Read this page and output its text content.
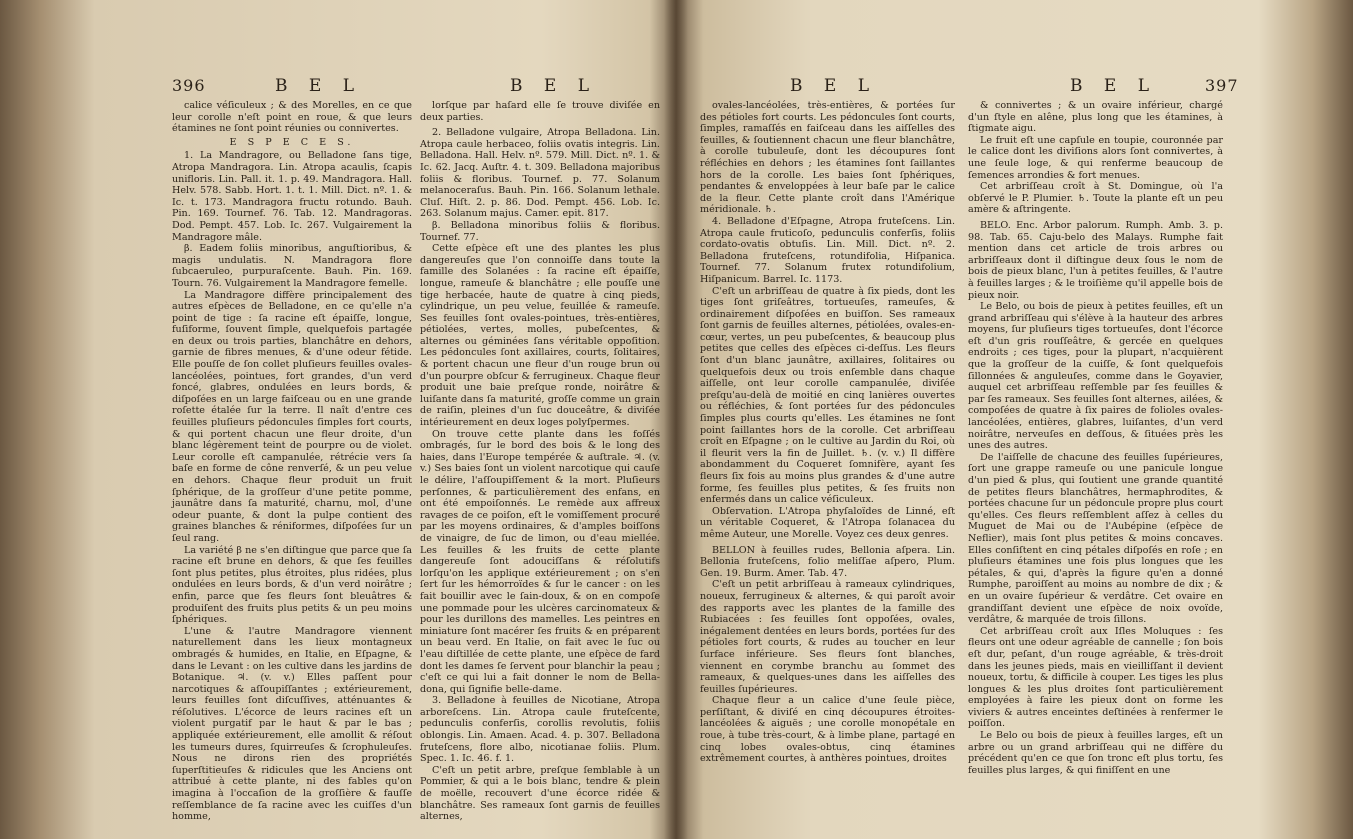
396	B E L	B E L

calice véſiculeux ; & des Morelles, en ce que leur corolle n'eſt point en roue, & que leurs étamines ne ſont point réunies ou connivertes.

E S P E C E S.

1. La Mandragore, ou Belladone ſans tige, Atropa Mandragora. Lin. Atropa acaulis, ſcapis unifloris. Lin. Pall. it. 1. p. 49. Mandragora. Hall. Helv. 578. Sabb. Hort. 1. t. 1. Mill. Dict. nº. 1. & Ic. t. 173. Mandragora fructu rotundo. Bauh. Pin. 169. Tournef. 76. Tab. 12. Mandragoras. Dod. Pempt. 457. Lob. Ic. 267. Vulgairement la Mandragore mâle.

β. Eadem foliis minoribus, anguſtioribus, & magis undulatis. N. Mandragora flore ſubcaeruleo, purpuraſcente. Bauh. Pin. 169. Tourn. 76. Vulgairement la Mandragore femelle.

La Mandragore diffère principalement des autres eſpèces de Belladone, en ce qu'elle n'a point de tige : ſa racine eſt épaiſſe, longue, fuſiforme, ſouvent ſimple, quelquefois partagée en deux ou trois parties, blanchâtre en dehors, garnie de fibres menues, & d'une odeur fétide. Elle pouſſe de ſon collet pluſieurs feuilles ovales-lancéolées, pointues, fort grandes, d'un verd foncé, glabres, ondulées en leurs bords, & diſpoſées en un large faiſceau ou en une grande roſette étalée ſur la terre. Il naît d'entre ces feuilles pluſieurs pédoncules ſimples fort courts, & qui portent chacun une fleur droite, d'un blanc légèrement teint de pourpre ou de violet. Leur corolle eſt campanulée, rétrécie vers ſa baſe en forme de cône renverſé, & un peu velue en dehors. Chaque fleur produit un fruit ſphérique, de la groſſeur d'une petite pomme, jaunâtre dans ſa maturité, charnu, mol, d'une odeur puante, & dont la pulpe contient des graines blanches & réniformes, diſpoſées ſur un ſeul rang.

La variété β ne s'en diſtingue que parce que ſa racine eſt brune en dehors, & que ſes feuilles ſont plus petites, plus étroites, plus ridées, plus ondulées en leurs bords, & d'un verd noirâtre ; enfin, parce que ſes fleurs ſont bleuâtres & produiſent des fruits plus petits & un peu moins ſphériques.

L'une & l'autre Mandragore viennent naturellement dans les lieux montagneux ombragés & humides, en Italie, en Eſpagne, & dans le Levant : on les cultive dans les jardins de Botanique. ♃. (v. v.) Elles paſſent pour narcotiques & aſſoupiſſantes ; extérieurement, leurs feuilles ſont diſcuſſives, atténuantes & réſolutives. L'écorce de leurs racines eſt un violent purgatif par le haut & par le bas ; appliquée extérieurement, elle amollit & réſout les tumeurs dures, ſquirreuſes & ſcrophuleuſes. Nous ne dirons rien des propriétés ſuperſtitieuſes & ridicules que les Anciens ont attribué à cette plante, ni des fables qu'on imagina à l'occaſion de la groſſière & fauſſe reſſemblance de ſa racine avec les cuiſſes d'un homme,

lorſque par haſard elle ſe trouve diviſée en deux parties.

2. Belladone vulgaire, Atropa Belladona. Lin. Atropa caule herbaceo, foliis ovatis integris. Lin. Belladona. Hall. Helv. nº. 579. Mill. Dict. nº. 1. & Ic. 62. Jacq. Auſtr. 4. t. 309. Belladona majoribus foliis & floribus. Tournef. p. 77. Solanum melanoceraſus. Bauh. Pin. 166. Solanum lethale. Cluſ. Hiſt. 2. p. 86. Dod. Pempt. 456. Lob. Ic. 263. Solanum majus. Camer. epit. 817.

β. Belladona minoribus foliis & floribus. Tournef. 77.

Cette eſpèce eſt une des plantes les plus dangereuſes que l'on connoiſſe dans toute la famille des Solanées : ſa racine eſt épaiſſe, longue, rameuſe & blanchâtre ; elle pouſſe une tige herbacée, haute de quatre à cinq pieds, cylindrique, un peu velue, feuillée & rameuſe. Ses feuilles ſont ovales-pointues, très-entières, pétiolées, vertes, molles, pubeſcentes, & alternes ou géminées ſans véritable oppoſition. Les pédoncules ſont axillaires, courts, ſolitaires, & portent chacun une fleur d'un rouge brun ou d'un pourpre obſcur & ferrugineux. Chaque fleur produit une baie preſque ronde, noirâtre & luiſante dans ſa maturité, groſſe comme un grain de raiſin, pleines d'un ſuc douceâtre, & diviſée intérieurement en deux loges polyſpermes.

On trouve cette plante dans les foſſés ombragés, ſur le bord des bois & le long des haies, dans l'Europe tempérée & auſtrale. ♃. (v. v.) Ses baies ſont un violent narcotique qui cauſe le délire, l'aſſoupiſſement & la mort. Pluſieurs perſonnes, & particulièrement des enfans, en ont été empoiſonnés. Le remède aux affreux ravages de ce poiſon, eſt le vomiſſement procuré par les moyens ordinaires, & d'amples boiſſons de vinaigre, de ſuc de limon, ou d'eau miellée. Les feuilles & les fruits de cette plante dangereuſe ſont adouciſſans & réſolutifs lorſqu'on les applique extérieurement ; on s'en ſert ſur les hémorroïdes & ſur le cancer : on les fait bouillir avec le ſain-doux, & on en compoſe une pommade pour les ulcères carcinomateux & pour les durillons des mamelles. Les peintres en miniature ſont macérer ſes fruits & en préparent un beau verd. En Italie, on fait avec le ſuc ou l'eau diſtillée de cette plante, une eſpèce de fard dont les dames ſe ſervent pour blanchir la peau ; c'eſt ce qui lui a fait donner le nom de Bella-dona, qui ſignifie belle-dame.

3. Belladone à feuilles de Nicotiane, Atropa arboreſcens. Lin. Atropa caule fruteſcente, pedunculis conferſis, corollis revolutis, foliis oblongis. Lin. Amaen. Acad. 4. p. 307. Belladona fruteſcens, flore albo, nicotianae foliis. Plum. Spec. 1. Ic. 46. f. 1.

C'eſt un petit arbre, preſque ſemblable à un Pommier, & qui a le bois blanc, tendre & plein de moëlle, recouvert d'une écorce ridée & blanchâtre. Ses rameaux ſont garnis de feuilles alternes,

B E L	B E L	397

ovales-lancéolées, très-entières, & portées ſur des pétioles fort courts. Les pédoncules ſont courts, ſimples, ramaſſés en faiſceau dans les aiſſelles des feuilles, & ſoutiennent chacun une fleur blanchâtre, à corolle tubuleuſe, dont les découpures ſont réfléchies en dehors ; les étamines ſont ſaillantes hors de la corolle. Les baies ſont ſphériques, pendantes & enveloppées à leur baſe par le calice de la fleur. Cette plante croît dans l'Amérique méridionale. ♄.

4. Belladone d'Eſpagne, Atropa fruteſcens. Lin. Atropa caule fruticoſo, pedunculis conferſis, foliis cordato-ovatis obtuſis. Lin. Mill. Dict. nº. 2. Belladona fruteſcens, rotundifolia, Hiſpanica. Tournef. 77. Solanum frutex rotundifolium, Hiſpanicum. Barrel. Ic. 1173.

C'eſt un arbriſſeau de quatre à ſix pieds, dont les tiges ſont griſeâtres, tortueuſes, rameuſes, & ordinairement diſpoſées en buiſſon. Ses rameaux ſont garnis de feuilles alternes, pétiolées, ovales-en-cœur, vertes, un peu pubeſcentes, & beaucoup plus petites que celles des eſpèces ci-deſſus. Les fleurs ſont d'un blanc jaunâtre, axillaires, ſolitaires ou quelquefois deux ou trois enſemble dans chaque aiſſelle, ont leur corolle campanulée, diviſée preſqu'au-delà de moitié en cinq lanières ouvertes ou réfléchies, & ſont portées ſur des pédoncules ſimples plus courts qu'elles. Les étamines ne ſont point ſaillantes hors de la corolle. Cet arbriſſeau croît en Eſpagne ; on le cultive au Jardin du Roi, où il fleurit vers la fin de Juillet. ♄. (v. v.) Il diffère abondamment du Coqueret ſomnifère, ayant ſes fleurs ſix fois au moins plus grandes & d'une autre forme, ſes feuilles plus petites, & ſes fruits non enfermés dans un calice véſiculeux.

Obſervation. L'Atropa phyſaloïdes de Linné, eſt un véritable Coqueret, & l'Atropa ſolanacea du même Auteur, une Morelle. Voyez ces deux genres.

BELLON à feuilles rudes, Bellonia aſpera. Lin. Bellonia fruteſcens, folio meliſſae aſpero, Plum. Gen. 19. Burm. Amer. Tab. 47.

C'eſt un petit arbriſſeau à rameaux cylindriques, noueux, ferrugineux & alternes, & qui paroît avoir des rapports avec les plantes de la famille des Rubiacées : ſes feuilles ſont oppoſées, ovales, inégalement dentées en leurs bords, portées ſur des pétioles fort courts, & rudes au toucher en leur ſurface inférieure. Ses fleurs ſont blanches, viennent en corymbe branchu au ſommet des rameaux, & quelques-unes dans les aiſſelles des feuilles ſupérieures.

Chaque fleur a un calice d'une ſeule pièce, perſiſtant, & diviſé en cinq découpures étroites-lancéolées & aiguës ; une corolle monopétale en roue, à tube très-court, & à limbe plane, partagé en cinq lobes ovales-obtus, cinq étamines extrêmement courtes, à anthères pointues, droites

& connivertes ; & un ovaire inférieur, chargé d'un ſtyle en alêne, plus long que les étamines, à ſtigmate aigu.

Le fruit eſt une capſule en toupie, couronnée par le calice dont les diviſions alors ſont connivertes, à une ſeule loge, & qui renferme beaucoup de ſemences arrondies & fort menues.

Cet arbriſſeau croît à St. Domingue, où l'a obſervé le P. Plumier. ♄. Toute la plante eſt un peu amère & aſtringente.

BELO. Enc. Arbor palorum. Rumph. Amb. 3. p. 98. Tab. 65. Caju-belo des Malays. Rumphe fait mention dans cet article de trois arbres ou arbriſſeaux dont il diſtingue deux ſous le nom de bois de pieux blanc, l'un à petites feuilles, & l'autre à feuilles larges ; & le troiſième qu'il appelle bois de pieux noir.

Le Belo, ou bois de pieux à petites feuilles, eſt un grand arbriſſeau qui s'élève à la hauteur des arbres moyens, ſur pluſieurs tiges tortueuſes, dont l'écorce eſt d'un gris rouſſeâtre, & gercée en quelques endroits ; ces tiges, pour la plupart, n'acquièrent que la groſſeur de la cuiſſe, & ſont quelquefois ſillonnées & anguleuſes, comme dans le Goyavier, auquel cet arbriſſeau reſſemble par ſes feuilles & par ſes rameaux. Ses feuilles ſont alternes, ailées, & compoſées de quatre à ſix paires de folioles ovales-lancéolées, entières, glabres, luiſantes, d'un verd noirâtre, nerveuſes en deſſous, & ſituées près les unes des autres.

De l'aiſſelle de chacune des feuilles ſupérieures, ſort une grappe rameuſe ou une panicule longue d'un pied & plus, qui ſoutient une grande quantité de petites fleurs blanchâtres, hermaphrodites, & portées chacune ſur un pédoncule propre plus court qu'elles. Ces fleurs reſſemblent aſſez à celles du Muguet de Mai ou de l'Aubépine (eſpèce de Neflier), mais ſont plus petites & moins concaves. Elles conſiſtent en cinq pétales diſpoſés en roſe ; en pluſieurs étamines une fois plus longues que les pétales, & qui, d'après la figure qu'en a donné Rumphe, paroiſſent au moins au nombre de dix ; & en un ovaire ſupérieur & verdâtre. Cet ovaire en grandiſſant devient une eſpèce de noix ovoïde, verdâtre, & marquée de trois ſillons.

Cet arbriſſeau croît aux Iſles Moluques : ſes fleurs ont une odeur agréable de cannelle ; ſon bois eſt dur, peſant, d'un rouge agréable, & très-droit dans les jeunes pieds, mais en vieilliſſant il devient noueux, tortu, & difficile à couper. Les tiges les plus longues & les plus droites ſont particulièrement employées à faire les pieux dont on forme les viviers & autres enceintes deſtinées à renfermer le poiſſon.

Le Belo ou bois de pieux à feuilles larges, eſt un arbre ou un grand arbriſſeau qui ne diffère du précédent qu'en ce que ſon tronc eſt plus tortu, ſes feuilles plus larges, & qui finiſſent en une
